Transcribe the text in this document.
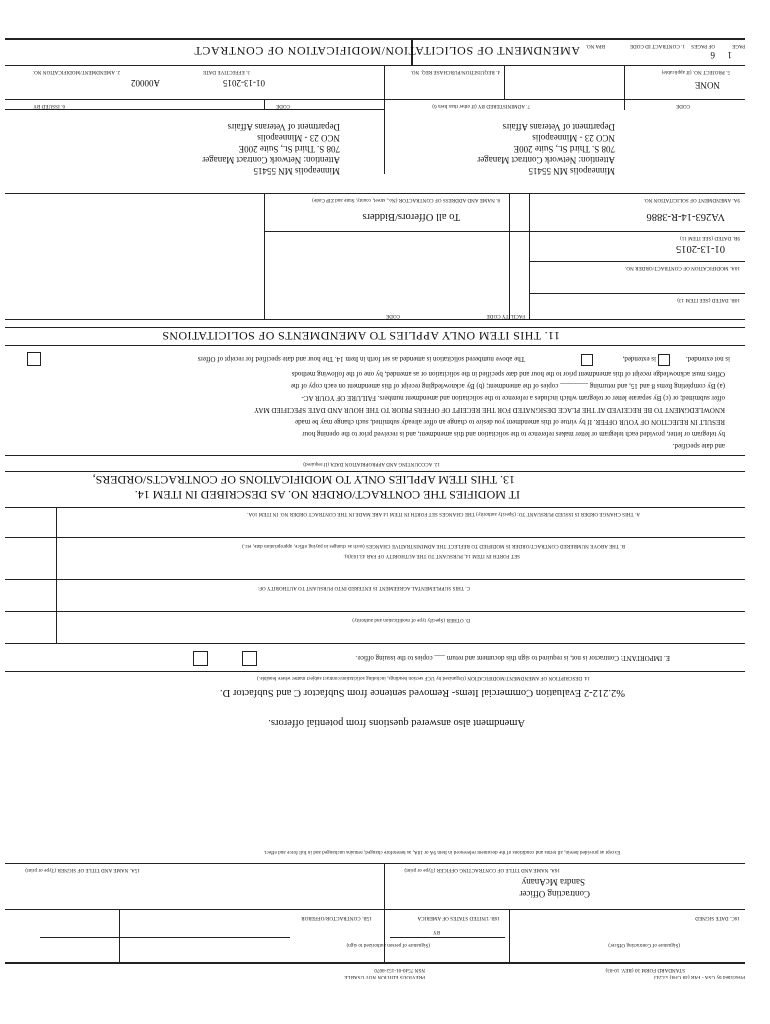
AMENDMENT OF SOLICITATION/MODIFICATION OF CONTRACT	1. CONTRACT ID CODE
BPA NO.	PAGE
OF PAGES
1
6
2. AMENDMENT/MODIFICATION NO.
A00002
3. EFFECTIVE DATE
01-13-2015
4. REQUISITION/PURCHASE REQ. NO.	5. PROJECT NO. (If applicable)
NONE
6. ISSUED BY	CODE	7. ADMINISTERED BY (If other than Item 6)	CODE
Department of Veterans Affairs
NCO 23 - Minneapolis
708 S. Third St., Suite 200E
Attention: Network Contract Manager
Minneapolis MN 55415
Department of Veterans Affairs
NCO 23 - Minneapolis
708 S. Third St., Suite 200E
Attention: Network Contract Manager
Minneapolis MN 55415
8. NAME AND ADDRESS OF CONTRACTOR (No., street, county, State and ZIP Code)
To all Offerors/Bidders
9A. AMENDMENT OF SOLICITATION NO.
VA263-14-R-3886
9B. DATED (SEE ITEM 11)
01-13-2015
10A. MODIFICATION OF CONTRACT/ORDER NO.
10B. DATED (SEE ITEM 13)
CODE	FACILITY CODE
11. THIS ITEM ONLY APPLIES TO AMENDMENTS OF SOLICITATIONS
The above numbered solicitation is amended as set forth in Item 14. The hour and date specified for receipt of Offers	is extended,	is not extended.
Offers must acknowledge receipt of this amendment prior to the hour and date specified in the solicitation or as amended, by one of the following methods
(a) By completing Items 8 and 15, and returning ________ copies of the amendment; (b) By acknowledging receipt of this amendment on each copy of the
offer submitted; or (c) By separate letter or telegram which includes a reference to the solicitation and amendment numbers. FAILURE OF YOUR AC-
KNOWLEDGMENT TO BE RECEIVED AT THE PLACE DESIGNATED FOR THE RECEIPT OF OFFERS PRIOR TO THE HOUR AND DATE SPECIFIED MAY
RESULT IN REJECTION OF YOUR OFFER. If by virtue of this amendment you desire to change an offer already submitted, such change may be made
by telegram or letter, provided each telegram or letter makes reference to the solicitation and this amendment, and is received prior to the opening hour
and date specified.
12. ACCOUNTING AND APPROPRIATION DATA (If required)
13. THIS ITEM APPLIES ONLY TO MODIFICATIONS OF CONTRACTS/ORDERS,
IT MODIFIES THE CONTRACT/ORDER NO. AS DESCRIBED IN ITEM 14.
A. THIS CHANGE ORDER IS ISSUED PURSUANT TO: (Specify authority) THE CHANGES SET FORTH IN ITEM 14 ARE MADE IN THE CONTRACT ORDER NO. IN ITEM 10A.
B. THE ABOVE NUMBERED CONTRACT/ORDER IS MODIFIED TO REFLECT THE ADMINISTRATIVE CHANGES (such as changes in paying office, appropriation date, etc.)
SET FORTH IN ITEM 14, PURSUANT TO THE AUTHORITY OF FAR 43.103(b).
C. THIS SUPPLEMENTAL AGREEMENT IS ENTERED INTO PURSUANT TO AUTHORITY OF:
D. OTHER (Specify type of modification and authority)
E. IMPORTANT: Contractor is not, is required to sign this document and return ___ copies to the issuing office.
14. DESCRIPTION OF AMENDMENT/MODIFICATION (Organized by UCF section headings, including solicitation/contract subject matter where feasible.)
%2.212-2 Evaluation Commercial Items- Removed sentence from Subfactor C and Subfactor D.
Amendment also answered questions from potential offerors.
Except as provided herein, all terms and conditions of the document referenced in Item 9A or 10A, as heretofore changed, remains unchanged and in full force and effect.
15A. NAME AND TITLE OF SIGNER (Type or print)	16A. NAME AND TITLE OF CONTRACTING OFFICER (Type or print)
Sandra McAnany
Contracting Officer
16B. UNITED STATES OF AMERICA
15B. CONTRACTOR/OFFEROR	16C. DATE SIGNED
BY
(Signature of Contracting Officer)
(Signature of person authorized to sign)
NSN 7540-01-152-8070
PREVIOUS EDITION NOT USABLE
STANDARD FORM 30 (REV. 10-83)
Prescribed by GSA - FAR (48 CFR) 53.243
